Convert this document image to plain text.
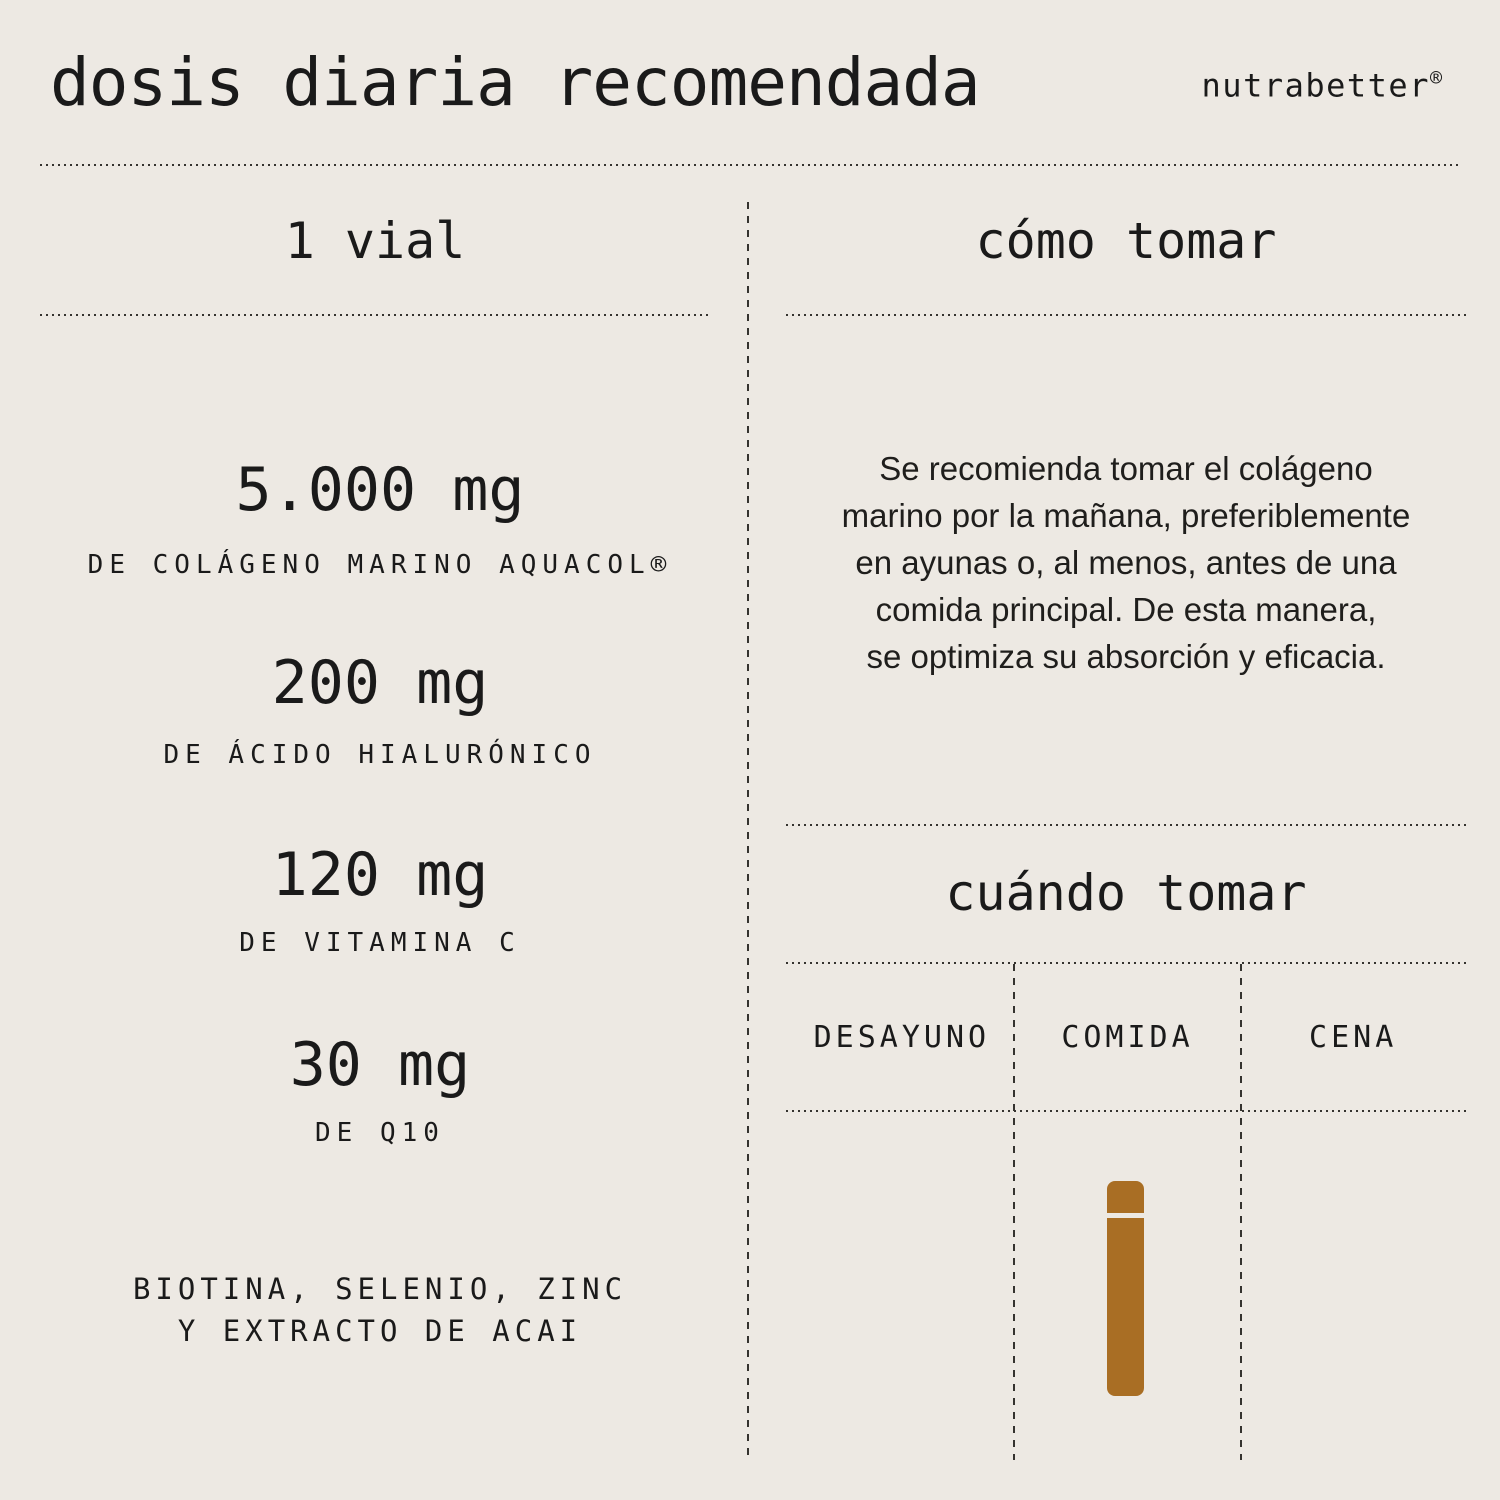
dosis diaria recomendada	nutrabetter®
1 vial
5.000 mg
DE COLÁGENO MARINO AQUACOL®
200 mg
DE ÁCIDO HIALURÓNICO
120 mg
DE VITAMINA C
30 mg
DE Q10
BIOTINA, SELENIO, ZINC
Y EXTRACTO DE ACAI
cómo tomar
Se recomienda tomar el colágeno
marino por la mañana, preferiblemente
en ayunas o, al menos, antes de una
comida principal. De esta manera,
se optimiza su absorción y eficacia.
cuándo tomar
DESAYUNO	COMIDA	CENA
